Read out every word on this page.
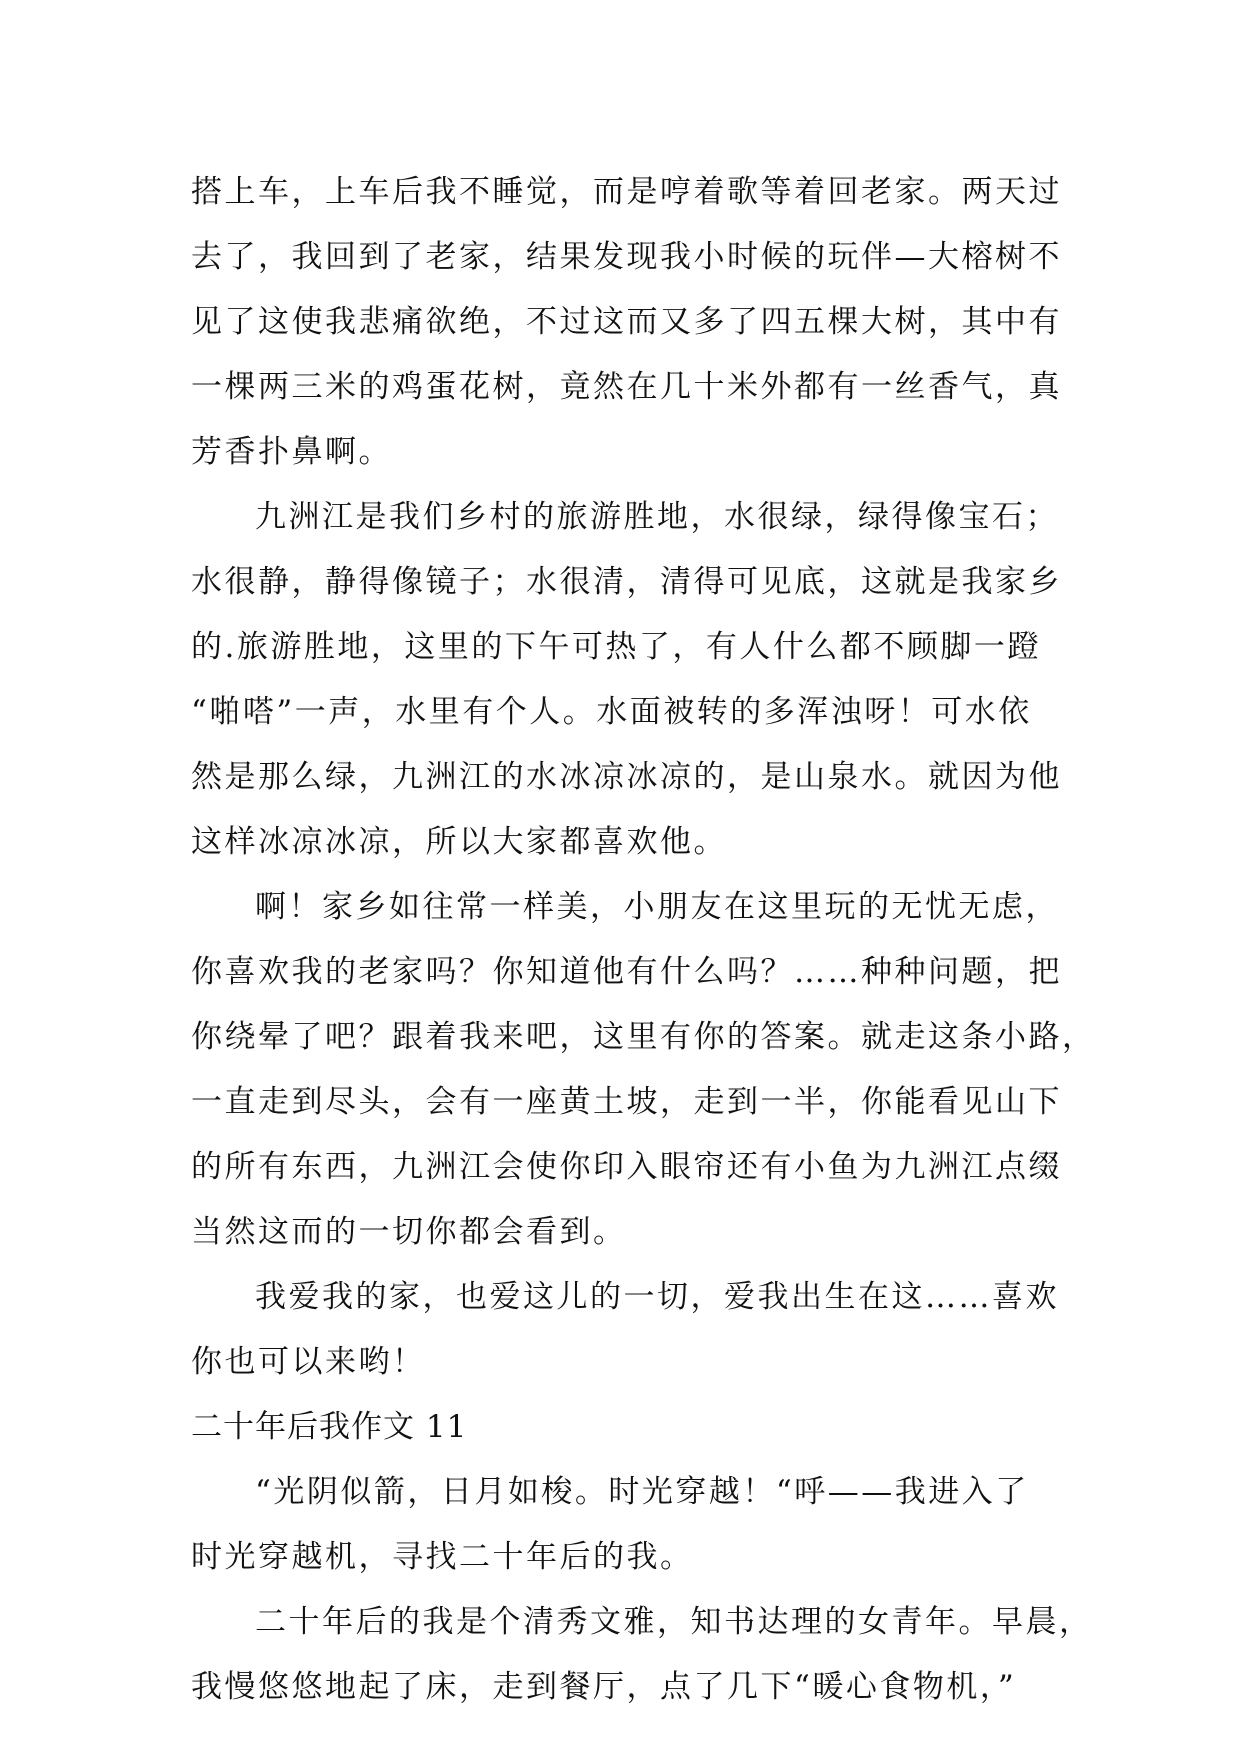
搭上车，上车后我不睡觉，而是哼着歌等着回老家。两天过
去了，我回到了老家，结果发现我小时候的玩伴—大榕树不
见了这使我悲痛欲绝，不过这而又多了四五棵大树，其中有
一棵两三米的鸡蛋花树，竟然在几十米外都有一丝香气，真
芳香扑鼻啊。
九洲江是我们乡村的旅游胜地，水很绿，绿得像宝石；
水很静，静得像镜子；水很清，清得可见底，这就是我家乡
的.旅游胜地，这里的下午可热了，有人什么都不顾脚一蹬
“啪嗒”一声，水里有个人。水面被转的多浑浊呀！可水依
然是那么绿，九洲江的水冰凉冰凉的，是山泉水。就因为他
这样冰凉冰凉，所以大家都喜欢他。
啊！家乡如往常一样美，小朋友在这里玩的无忧无虑，
你喜欢我的老家吗？你知道他有什么吗？……种种问题，把
你绕晕了吧？跟着我来吧，这里有你的答案。就走这条小路，
一直走到尽头，会有一座黄土坡，走到一半，你能看见山下
的所有东西，九洲江会使你印入眼帘还有小鱼为九洲江点缀
当然这而的一切你都会看到。
我爱我的家，也爱这儿的一切，爱我出生在这……喜欢
你也可以来哟！
二十年后我作文 11
“光阴似箭，日月如梭。时光穿越！“呼——我进入了
时光穿越机，寻找二十年后的我。
二十年后的我是个清秀文雅，知书达理的女青年。早晨，
我慢悠悠地起了床，走到餐厅，点了几下“暖心食物机，”
